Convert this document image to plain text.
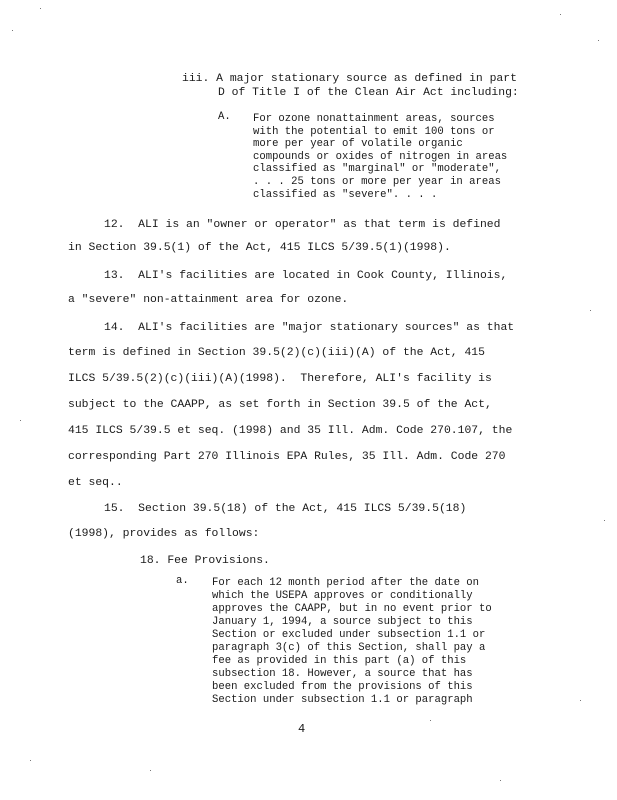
iii. A major stationary source as defined in part
D of Title I of the Clean Air Act including:
A. For ozone nonattainment areas, sources
with the potential to emit 100 tons or
more per year of volatile organic
compounds or oxides of nitrogen in areas
classified as "marginal" or "moderate",
. . . 25 tons or more per year in areas
classified as "severe". . . .
12.  ALI is an "owner or operator" as that term is defined
in Section 39.5(1) of the Act, 415 ILCS 5/39.5(1)(1998).
13.  ALI's facilities are located in Cook County, Illinois,
a "severe" non-attainment area for ozone.
14.  ALI's facilities are "major stationary sources" as that
term is defined in Section 39.5(2)(c)(iii)(A) of the Act, 415
ILCS 5/39.5(2)(c)(iii)(A)(1998).  Therefore, ALI's facility is
subject to the CAAPP, as set forth in Section 39.5 of the Act,
415 ILCS 5/39.5 et seq. (1998) and 35 Ill. Adm. Code 270.107, the
corresponding Part 270 Illinois EPA Rules, 35 Ill. Adm. Code 270
et seq..
15.  Section 39.5(18) of the Act, 415 ILCS 5/39.5(18)
(1998), provides as follows:
18. Fee Provisions.
a. For each 12 month period after the date on
which the USEPA approves or conditionally
approves the CAAPP, but in no event prior to
January 1, 1994, a source subject to this
Section or excluded under subsection 1.1 or
paragraph 3(c) of this Section, shall pay a
fee as provided in this part (a) of this
subsection 18. However, a source that has
been excluded from the provisions of this
Section under subsection 1.1 or paragraph
4
